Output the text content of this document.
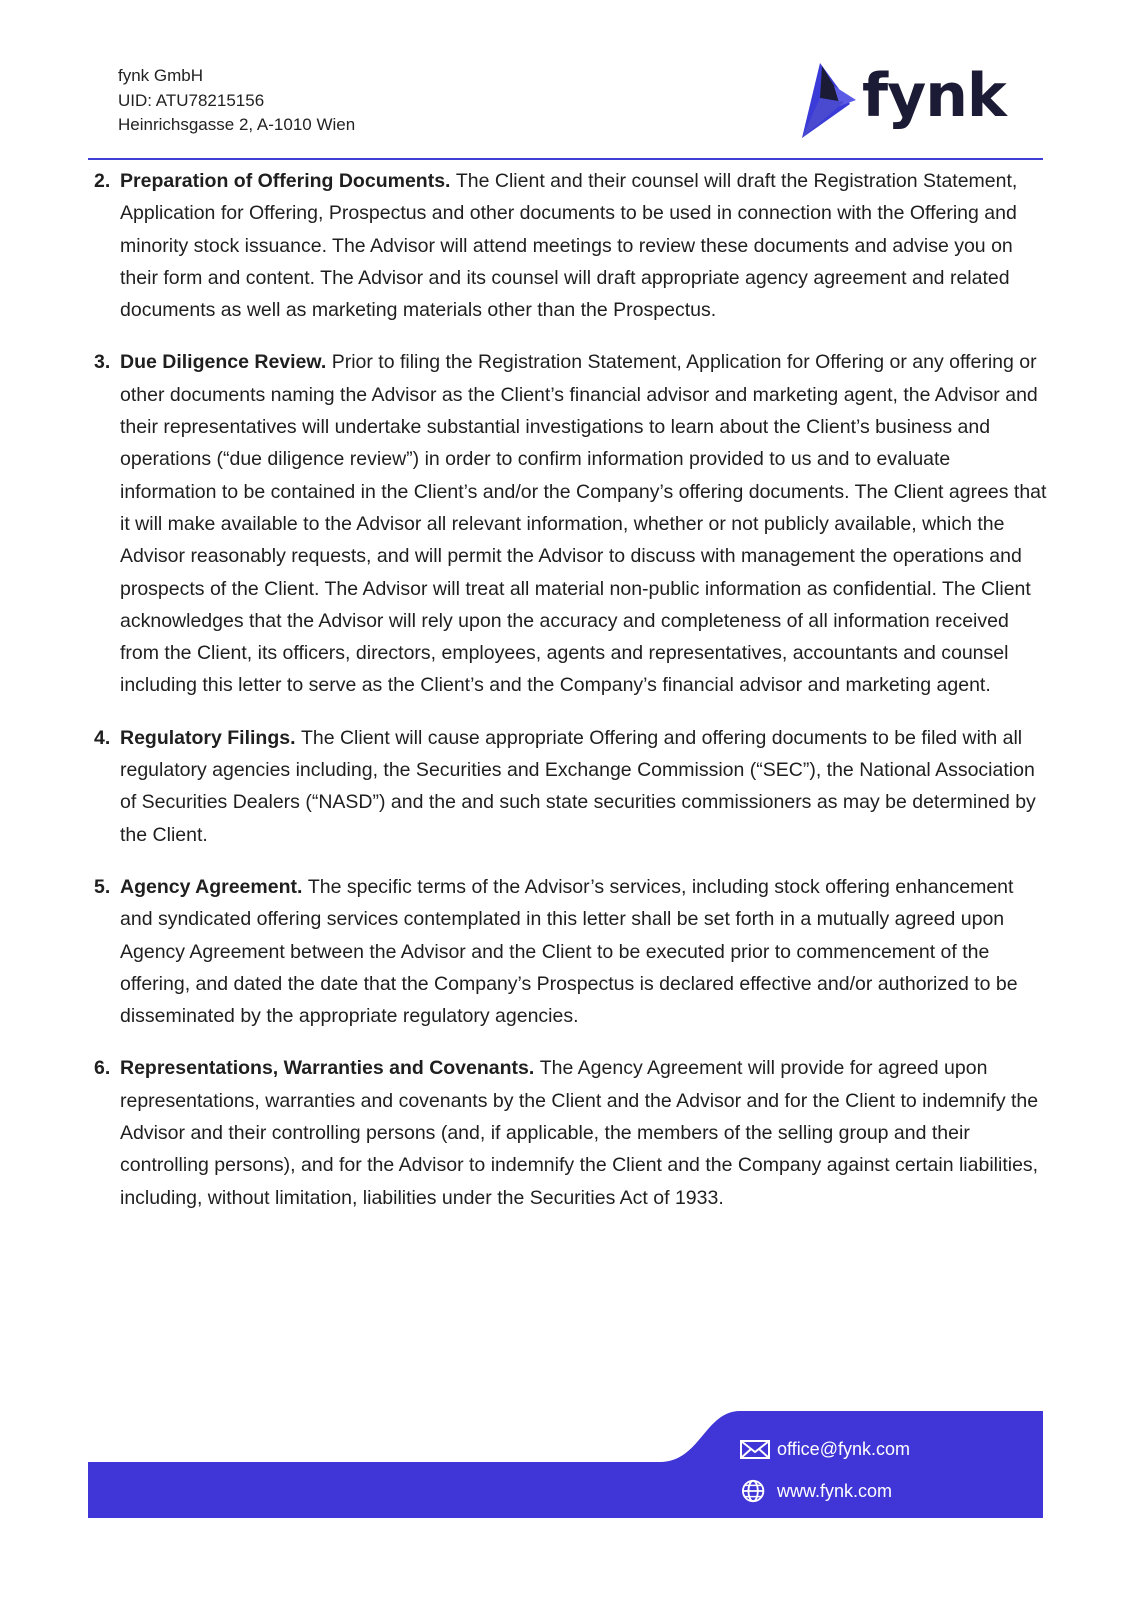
fynk GmbH
UID: ATU78215156
Heinrichsgasse 2, A-1010 Wien	fynk
2. Preparation of Offering Documents. The Client and their counsel will draft the Registration Statement, Application for Offering, Prospectus and other documents to be used in connection with the Offering and minority stock issuance. The Advisor will attend meetings to review these documents and advise you on their form and content. The Advisor and its counsel will draft appropriate agency agreement and related documents as well as marketing materials other than the Prospectus.
3. Due Diligence Review. Prior to filing the Registration Statement, Application for Offering or any offering or other documents naming the Advisor as the Client’s financial advisor and marketing agent, the Advisor and their representatives will undertake substantial investigations to learn about the Client’s business and operations (“due diligence review”) in order to confirm information provided to us and to evaluate information to be contained in the Client’s and/or the Company’s offering documents. The Client agrees that it will make available to the Advisor all relevant information, whether or not publicly available, which the Advisor reasonably requests, and will permit the Advisor to discuss with management the operations and prospects of the Client. The Advisor will treat all material non-public information as confidential. The Client acknowledges that the Advisor will rely upon the accuracy and completeness of all information received from the Client, its officers, directors, employees, agents and representatives, accountants and counsel including this letter to serve as the Client’s and the Company’s financial advisor and marketing agent.
4. Regulatory Filings. The Client will cause appropriate Offering and offering documents to be filed with all regulatory agencies including, the Securities and Exchange Commission (“SEC”), the National Association of Securities Dealers (“NASD”) and the and such state securities commissioners as may be determined by the Client.
5. Agency Agreement. The specific terms of the Advisor’s services, including stock offering enhancement and syndicated offering services contemplated in this letter shall be set forth in a mutually agreed upon Agency Agreement between the Advisor and the Client to be executed prior to commencement of the offering, and dated the date that the Company’s Prospectus is declared effective and/or authorized to be disseminated by the appropriate regulatory agencies.
6. Representations, Warranties and Covenants. The Agency Agreement will provide for agreed upon representations, warranties and covenants by the Client and the Advisor and for the Client to indemnify the Advisor and their controlling persons (and, if applicable, the members of the selling group and their controlling persons), and for the Advisor to indemnify the Client and the Company against certain liabilities, including, without limitation, liabilities under the Securities Act of 1933.
office@fynk.com
www.fynk.com
